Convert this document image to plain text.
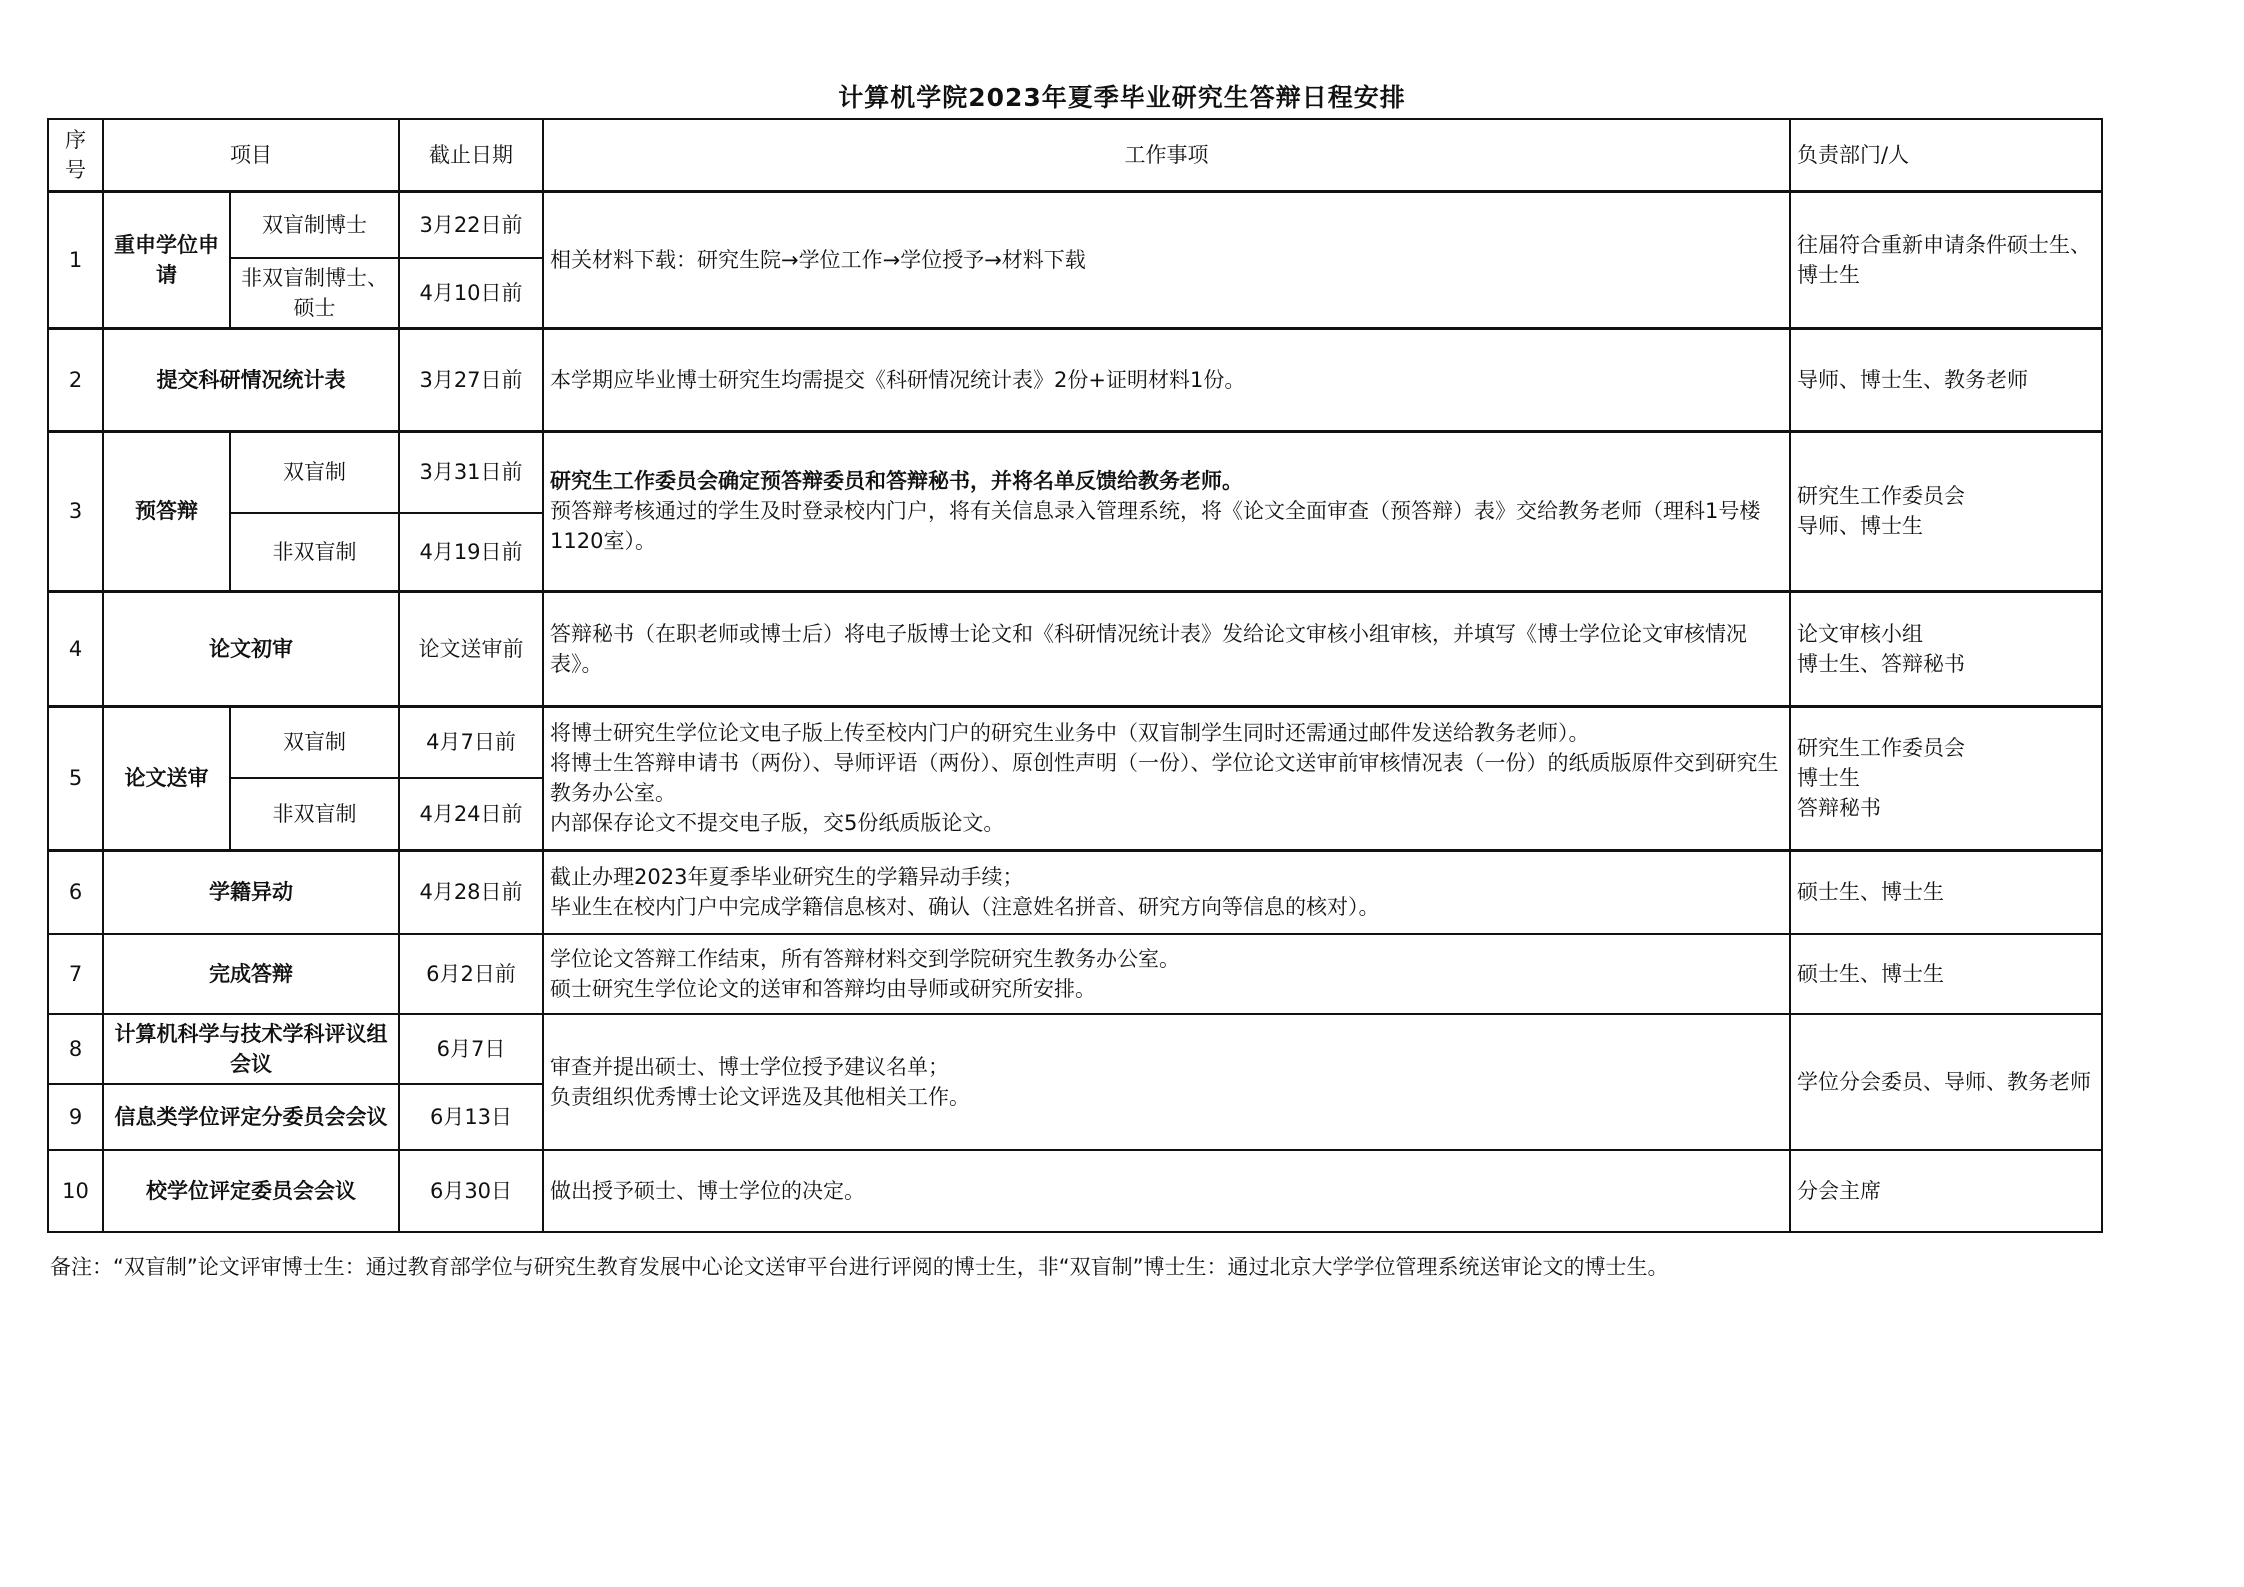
计算机学院2023年夏季毕业研究生答辩日程安排
序号	项目		截止日期	工作事项	负责部门/人
1	重申学位申请	双盲制博士	3月22日前	相关材料下载：研究生院→学位工作→学位授予→材料下载	往届符合重新申请条件硕士生、博士生
		非双盲制博士、硕士	4月10日前		
2	提交科研情况统计表		3月27日前	本学期应毕业博士研究生均需提交《科研情况统计表》2份+证明材料1份。	导师、博士生、教务老师
3	预答辩	双盲制	3月31日前	研究生工作委员会确定预答辩委员和答辩秘书，并将名单反馈给教务老师。
预答辩考核通过的学生及时登录校内门户，将有关信息录入管理系统，将《论文全面审查（预答辩）表》交给教务老师（理科1号楼1120室）。	研究生工作委员会
导师、博士生

		非双盲制	4月19日前		
4	论文初审		论文送审前	答辩秘书（在职老师或博士后）将电子版博士论文和《科研情况统计表》发给论文审核小组审核，并填写《博士学位论文审核情况表》。	论文审核小组
博士生、答辩秘书

5	论文送审	双盲制	4月7日前	将博士研究生学位论文电子版上传至校内门户的研究生业务中（双盲制学生同时还需通过邮件发送给教务老师）。
将博士生答辩申请书（两份）、导师评语（两份）、原创性声明（一份）、学位论文送审前审核情况表（一份）的纸质版原件交到研究生教务办公室。
内部保存论文不提交电子版，交5份纸质版论文。	研究生工作委员会
博士生
答辩秘书

		非双盲制	4月24日前		
6	学籍异动		4月28日前	截止办理2023年夏季毕业研究生的学籍异动手续；
毕业生在校内门户中完成学籍信息核对、确认（注意姓名拼音、研究方向等信息的核对）。	硕士生、博士生
7	完成答辩		6月2日前	学位论文答辩工作结束，所有答辩材料交到学院研究生教务办公室。
硕士研究生学位论文的送审和答辩均由导师或研究所安排。	硕士生、博士生
8	计算机科学与技术学科评议组会议		6月7日	审查并提出硕士、博士学位授予建议名单；
负责组织优秀博士论文评选及其他相关工作。	学位分会委员、导师、教务老师
9	信息类学位评定分委员会会议		6月13日		
10	校学位评定委员会会议		6月30日	做出授予硕士、博士学位的决定。	分会主席
备注：“双盲制”论文评审博士生：通过教育部学位与研究生教育发展中心论文送审平台进行评阅的博士生，非“双盲制”博士生：通过北京大学学位管理系统送审论文的博士生。
